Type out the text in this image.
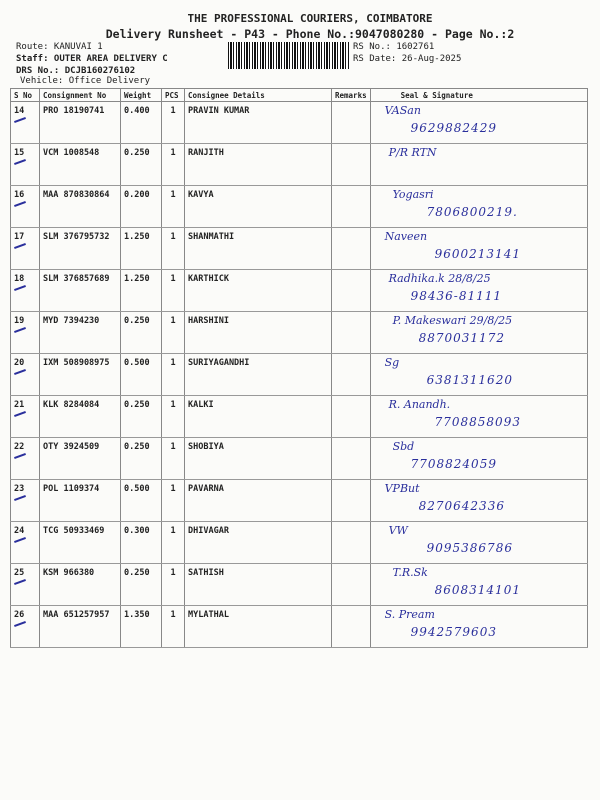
THE PROFESSIONAL COURIERS, COIMBATORE
Delivery Runsheet - P43 - Phone No.:9047080280 - Page No.:2
Route: KANUVAI 1
Staff: OUTER AREA DELIVERY C
DRS No.: DCJB160276102
Vehicle: Office Delivery
RS No.: 1602761
RS Date: 26-Aug-2025
S No	Consignment No	Weight	PCS	Consignee Details	Remarks	Seal & Signature
14	PRO 18190741	0.400	1	PRAVIN KUMAR		VASan
9629882429

15	VCM 1008548	0.250	1	RANJITH		P/R RTN

16	MAA 870830864	0.200	1	KAVYA		Yogasri
7806800219.

17	SLM 376795732	1.250	1	SHANMATHI		Naveen
9600213141

18	SLM 376857689	1.250	1	KARTHICK		Radhika.k 28/8/25
98436-81111

19	MYD 7394230	0.250	1	HARSHINI		P. Makeswari 29/8/25
8870031172

20	IXM 508908975	0.500	1	SURIYAGANDHI		Sg
6381311620

21	KLK 8284084	0.250	1	KALKI		R. Anandh.
7708858093

22	OTY 3924509	0.250	1	SHOBIYA		Sbd
7708824059

23	POL 1109374	0.500	1	PAVARNA		VPBut
8270642336

24	TCG 50933469	0.300	1	DHIVAGAR		VW
9095386786

25	KSM 966380	0.250	1	SATHISH		T.R.Sk
8608314101

26	MAA 651257957	1.350	1	MYLATHAL		S. Pream
9942579603
